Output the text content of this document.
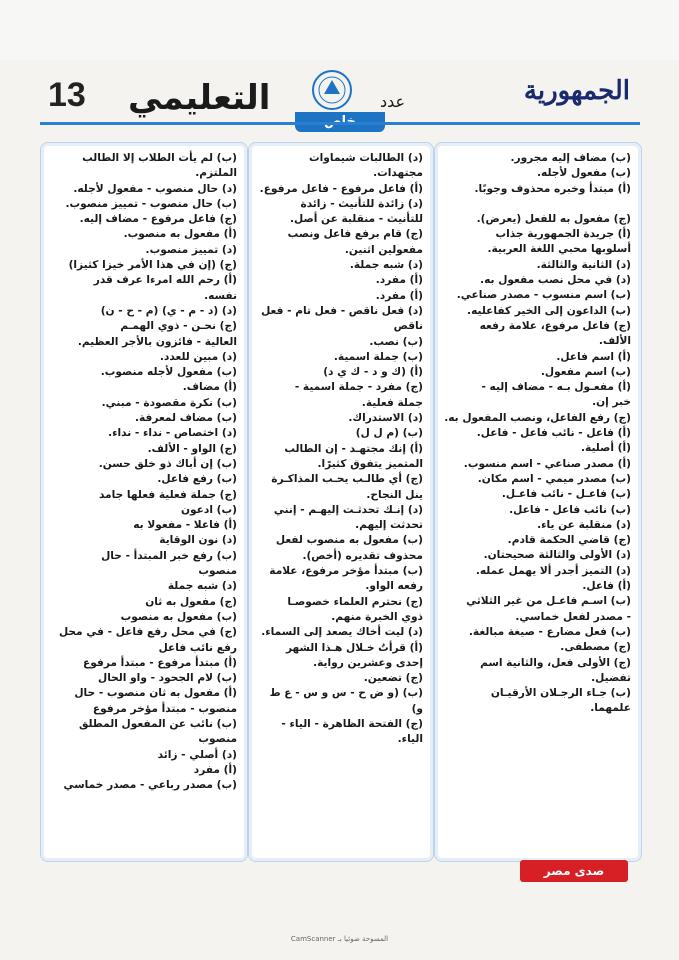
13 التعليمي	عدد	الجمهورية

(ب) مضاف إليه مجرور.

(ب) مفعول لأجله.

(أ) مبتدأ وخبره محذوف وجوبًا.

(ج) مفعول به للفعل (يعرض).

(أ) جريدة الجمهورية جذاب

أسلوبها محبي اللغة العربية.

(د) الثانية والثالثة.

(د) في محل نصب مفعول به.

(ب) اسم منسوب - مصدر صناعي.

(ب) الداعون إلى الخير كفاعليه.

(ج) فاعل مرفوع، علامة رفعه

الألف.

(أ) اسم فاعل.

(ب) اسم مفعول.

(أ) مفعـول بـه - مضاف إليه -

خبر إن.

(ج) رفع الفاعل، ونصب المفعول به.

(أ) فاعل - نائب فاعل - فاعل.

(أ) أصلية.

(أ) مصدر صناعي - اسم منسوب.

(ب) مصدر ميمي - اسم مكان.

(ب) فاعـل - نائب فاعـل.

(ب) نائب فاعل - فاعل.

(د) منقلبة عن ياء.

(ج) قاضي الحكمة قادم.

(د) الأولى والثالثة صحيحتان.

(د) التميز أجدر ألا يهمل عمله.

(أ) فاعل.

(ب) اسـم فاعـل من غير الثلاثي

- مصدر لفعل خماسي.

(ب) فعل مضارع - صيغة مبالغة.

(ج) مصطفى.

(ج) الأولى فعل، والثانية اسم

تفضيل.

(ب) جـاء الرجـلان الأرقيـان

علمهما.

(د) الطالبات شيماوات مجتهدات.

(أ) فاعل مرفوع - فاعل مرفوع.

(د) زائدة للتأنيث - زائدة

للتأنيث - منقلبة عن أصل.

(ج) قام برفع فاعل ونصب

مفعولين اثنين.

(د) شبه جملة.

(أ) مفرد.

(أ) مفرد.

(د) فعل ناقص - فعل تام - فعل

ناقص

(ب) نصب.

(ب) جملة اسمية.

(أ) (ك و د - ك ي د)

(ج) مفرد - جملة اسمية -

جملة فعلية.

(د) الاستدراك.

(ب) (م ل ل)

(أ) إنك مجتهـد - إن الطالب

المتميز يتفوق كثيرًا.

(ج) أي طالـب يحـب المذاكـرة

ينل النجاح.

(د) إنـك تحدثـت إليهـم - إنني

تحدثت إليهم.

(ب) مفعول به منصوب لفعل

محذوف تقديره (أخص).

(ب) مبتدأ مؤخر مرفوع، علامة

رفعه الواو.

(ج) نحترم العلماء خصوصـا

ذوي الخبرة منهم.

(د) ليت أخاك يصعد إلى السماء.

(أ) قرأتُ خـلال هـذا الشهر

إحدى وعشرين رواية.

(ج) تضعين.

(ب) (و ض ح - س و س - ع ط و)

(ج) الفتحة الظاهرة - الياء -

الياء.

(ب) لم يأت الطلاب إلا الطالب

الملتزم.

(د) حال منصوب - مفعول لأجله.

(ب) حال منصوب - تمييز منصوب.

(ج) فاعل مرفوع - مضاف إليه.

(أ) مفعول به منصوب.

(د) تمييز منصوب.

(ج) (إن في هذا الأمر خيزا كثيزا)

(أ) رحم الله امرءا عرف قدر

نفسه.

(د) (د - م - ي) (م - ح - ن)

(ج) نحـن - ذوي الهمـم

العالية - فائزون بالأجر العظيم.

(د) مبين للعدد.

(ب) مفعول لأجله منصوب.

(أ) مضاف.

(ب) نكرة مقصودة - مبني.

(ب) مضاف لمعرفة.

(د) اختصاص - نداء - نداء.

(ج) الواو - الألف.

(ب) إن أباك ذو خلق حسن.

(ب) رفع فاعل.

(ج) جملة فعلية فعلها جامد

(ب) ادعون

(أ) فاعلا - مفعولا به

(د) نون الوقاية

(ب) رفع خبر المبتدأ - حال

منصوب

(د) شبه جملة

(ج) مفعول به ثان

(ب) مفعول به منصوب

(ج) في محل رفع فاعل - في محل

رفع نائب فاعل

(أ) مبتدأ مرفوع - مبتدأ مرفوع

(ب) لام الجحود - واو الحال

(أ) مفعول به ثان منصوب - حال

منصوب - مبتدأ مؤخر مرفوع

(ب) نائب عن المفعول المطلق

منصوب

(د) أصلي - زائد

(أ) مفرد

(ب) مصدر رباعي - مصدر خماسي

صدى مصر
CamScanner المسوحة ضوئيا بـ
